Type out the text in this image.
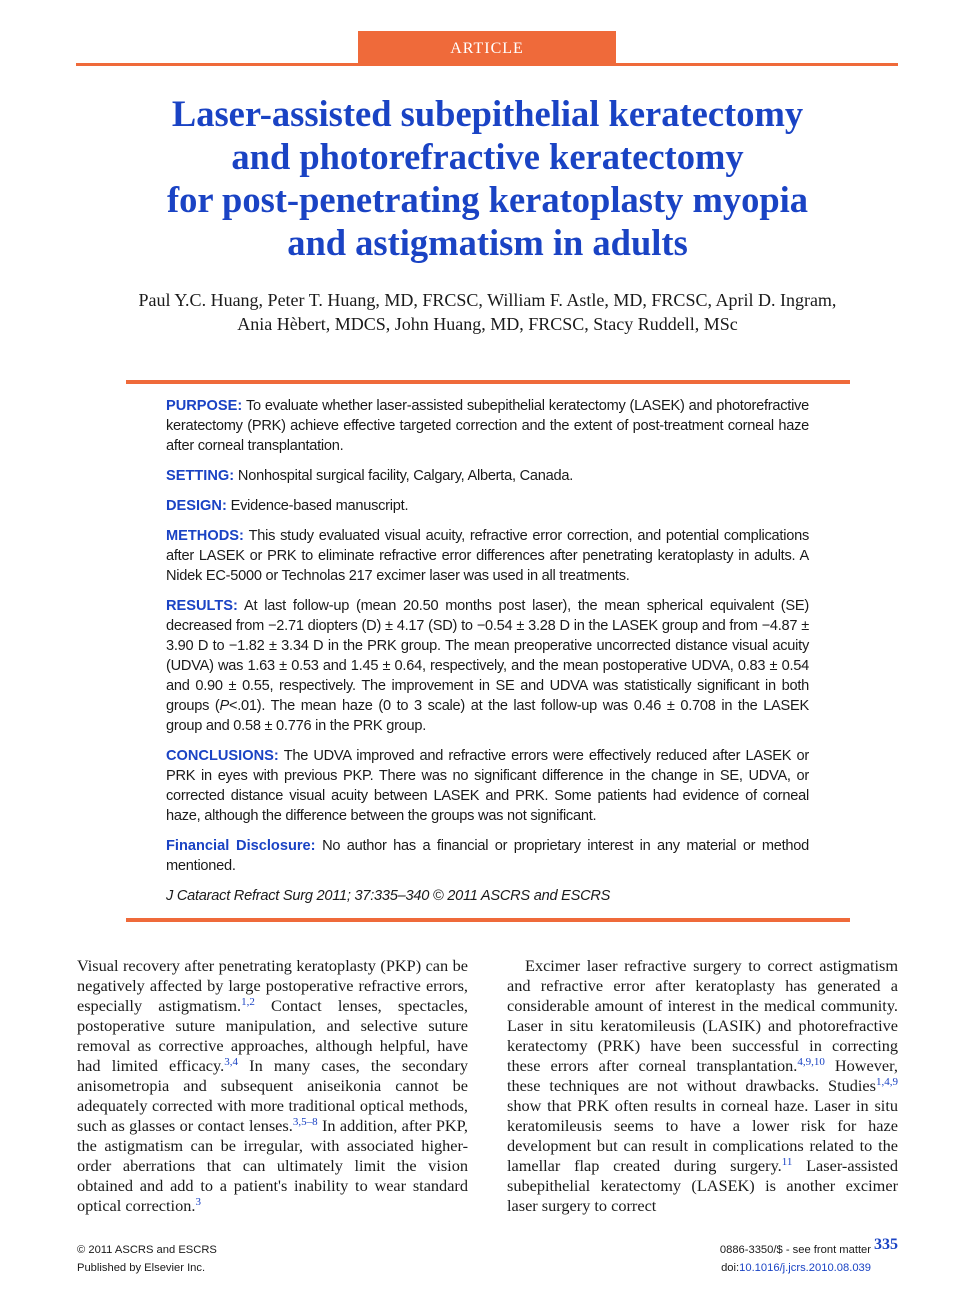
ARTICLE
Laser-assisted subepithelial keratectomy
and photorefractive keratectomy
for post-penetrating keratoplasty myopia
and astigmatism in adults
Paul Y.C. Huang, Peter T. Huang, MD, FRCSC, William F. Astle, MD, FRCSC, April D. Ingram,
Ania Hèbert, MDCS, John Huang, MD, FRCSC, Stacy Ruddell, MSc

PURPOSE: To evaluate whether laser-assisted subepithelial keratectomy (LASEK) and photorefractive keratectomy (PRK) achieve effective targeted correction and the extent of post-treatment corneal haze after corneal transplantation.

SETTING: Nonhospital surgical facility, Calgary, Alberta, Canada.

DESIGN: Evidence-based manuscript.

METHODS: This study evaluated visual acuity, refractive error correction, and potential complications after LASEK or PRK to eliminate refractive error differences after penetrating keratoplasty in adults. A Nidek EC-5000 or Technolas 217 excimer laser was used in all treatments.

RESULTS: At last follow-up (mean 20.50 months post laser), the mean spherical equivalent (SE) decreased from −2.71 diopters (D) ± 4.17 (SD) to −0.54 ± 3.28 D in the LASEK group and from −4.87 ± 3.90 D to −1.82 ± 3.34 D in the PRK group. The mean preoperative uncorrected distance visual acuity (UDVA) was 1.63 ± 0.53 and 1.45 ± 0.64, respectively, and the mean postoperative UDVA, 0.83 ± 0.54 and 0.90 ± 0.55, respectively. The improvement in SE and UDVA was statistically significant in both groups (P<.01). The mean haze (0 to 3 scale) at the last follow-up was 0.46 ± 0.708 in the LASEK group and 0.58 ± 0.776 in the PRK group.

CONCLUSIONS: The UDVA improved and refractive errors were effectively reduced after LASEK or PRK in eyes with previous PKP. There was no significant difference in the change in SE, UDVA, or corrected distance visual acuity between LASEK and PRK. Some patients had evidence of corneal haze, although the difference between the groups was not significant.

Financial Disclosure: No author has a financial or proprietary interest in any material or method mentioned.

J Cataract Refract Surg 2011; 37:335–340 © 2011 ASCRS and ESCRS

Visual recovery after penetrating keratoplasty (PKP) can be negatively affected by large postoperative refractive errors, especially astigmatism.$^{1,2}$ Contact lenses, spectacles, postoperative suture manipulation, and selective suture removal as corrective approaches, although helpful, have had limited efficacy.$^{3,4}$ In many cases, the secondary anisometropia and subsequent aniseikonia cannot be adequately corrected with more traditional optical methods, such as glasses or contact lenses.$^{3,5-8}$ In addition, after PKP, the astigmatism can be irregular, with associated higher-order aberrations that can ultimately limit the vision obtained and add to a patient's inability to wear standard optical correction.$^3$

Excimer laser refractive surgery to correct astigmatism and refractive error after keratoplasty has generated a considerable amount of interest in the medical community. Laser in situ keratomileusis (LASIK) and photorefractive keratectomy (PRK) have been successful in correcting these errors after corneal transplantation.$^{4,9,10}$ However, these techniques are not without drawbacks. Studies$^{1,4,9}$ show that PRK often results in corneal haze. Laser in situ keratomileusis seems to have a lower risk for haze development but can result in complications related to the lamellar flap created during surgery.$^{11}$ Laser-assisted subepithelial keratectomy (LASEK) is another excimer laser surgery to correct

© 2011 ASCRS and ESCRS
Published by Elsevier Inc.
0886-3350/$ - see front matter
doi:10.1016/j.jcrs.2010.08.039
335
